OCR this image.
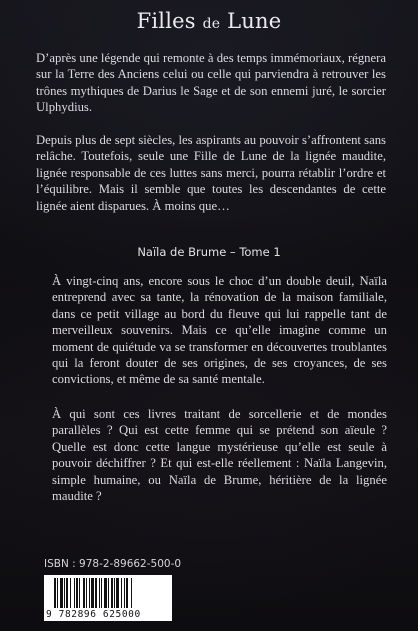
Filles de Lune

D’après une légende qui remonte à des temps immémoriaux, régnera sur la Terre des Anciens celui ou celle qui parviendra à retrouver les trônes mythiques de Darius le Sage et de son ennemi juré, le sorcier Ulphydius.

Depuis plus de sept siècles, les aspirants au pouvoir s’affrontent sans relâche. Toutefois, seule une Fille de Lune de la lignée maudite, lignée responsable de ces luttes sans merci, pourra rétablir l’ordre et l’équilibre. Mais il semble que toutes les descendantes de cette lignée aient disparues. À moins que…

Naïla de Brume – Tome 1

À vingt-cinq ans, encore sous le choc d’un double deuil, Naïla entreprend avec sa tante, la rénovation de la maison familiale, dans ce petit village au bord du fleuve qui lui rappelle tant de merveilleux souvenirs. Mais ce qu’elle imagine comme un moment de quiétude va se transformer en découvertes troublantes qui la feront douter de ses origines, de ses croyances, de ses convictions, et même de sa santé mentale.

À qui sont ces livres traitant de sorcellerie et de mondes parallèles ? Qui est cette femme qui se prétend son aïeule ? Quelle est donc cette langue mystérieuse qu’elle est seule à pouvoir déchiffrer ? Et qui est-elle réellement : Naïla Langevin, simple humaine, ou Naïla de Brume, héritière de la lignée maudite ?

ISBN : 978-2-89662-500-0
9 782896 625000
